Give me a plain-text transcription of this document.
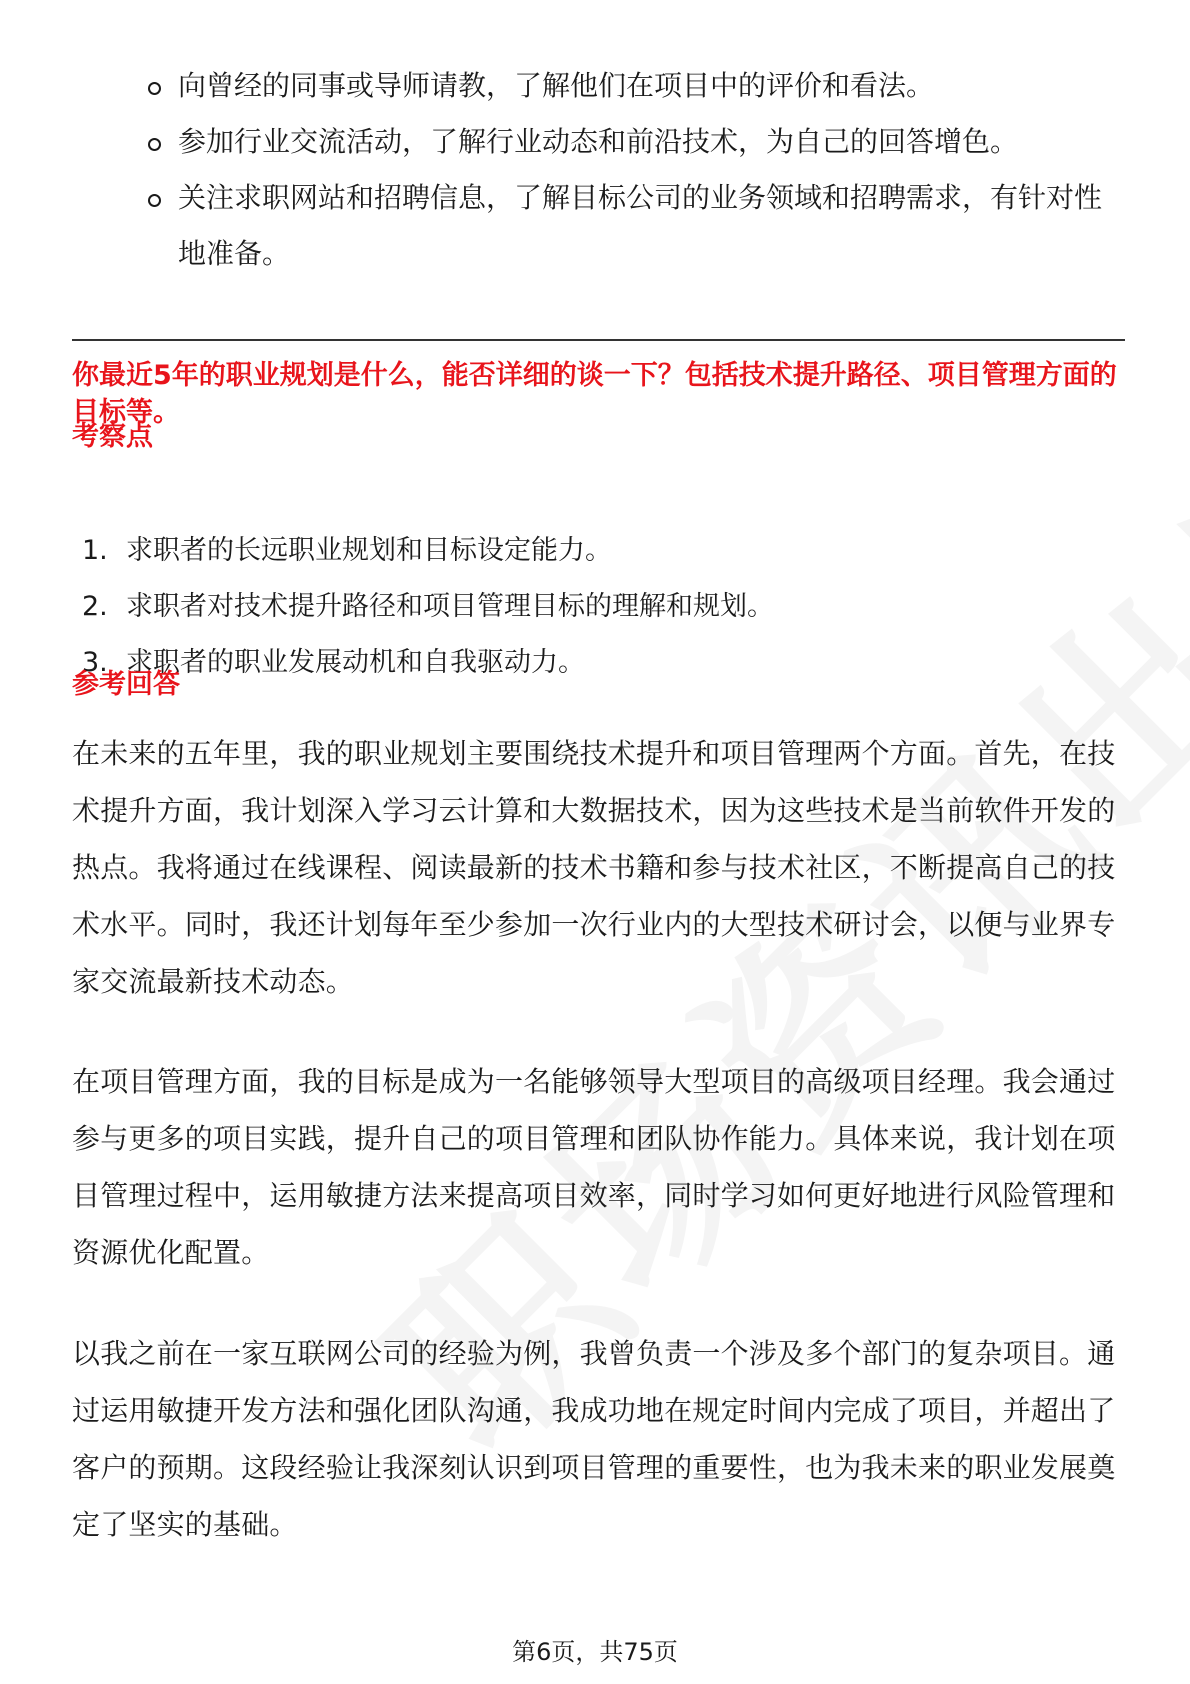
向曾经的同事或导师请教，了解他们在项目中的评价和看法。
参加行业交流活动，了解行业动态和前沿技术，为自己的回答增色。
关注求职网站和招聘信息，了解目标公司的业务领域和招聘需求，有针对性地准备。
你最近5年的职业规划是什么，能否详细的谈一下？包括技术提升路径、项目管理方面的目标等。
考察点
1. 求职者的长远职业规划和目标设定能力。
2. 求职者对技术提升路径和项目管理目标的理解和规划。
3. 求职者的职业发展动机和自我驱动力。
参考回答

在未来的五年里，我的职业规划主要围绕技术提升和项目管理两个方面。首先，在技术提升方面，我计划深入学习云计算和大数据技术，因为这些技术是当前软件开发的热点。我将通过在线课程、阅读最新的技术书籍和参与技术社区，不断提高自己的技术水平。同时，我还计划每年至少参加一次行业内的大型技术研讨会，以便与业界专家交流最新技术动态。

在项目管理方面，我的目标是成为一名能够领导大型项目的高级项目经理。我会通过参与更多的项目实践，提升自己的项目管理和团队协作能力。具体来说，我计划在项目管理过程中，运用敏捷方法来提高项目效率，同时学习如何更好地进行风险管理和资源优化配置。

以我之前在一家互联网公司的经验为例，我曾负责一个涉及多个部门的复杂项目。通过运用敏捷开发方法和强化团队沟通，我成功地在规定时间内完成了项目，并超出了客户的预期。这段经验让我深刻认识到项目管理的重要性，也为我未来的职业发展奠定了坚实的基础。

第6页，共75页
